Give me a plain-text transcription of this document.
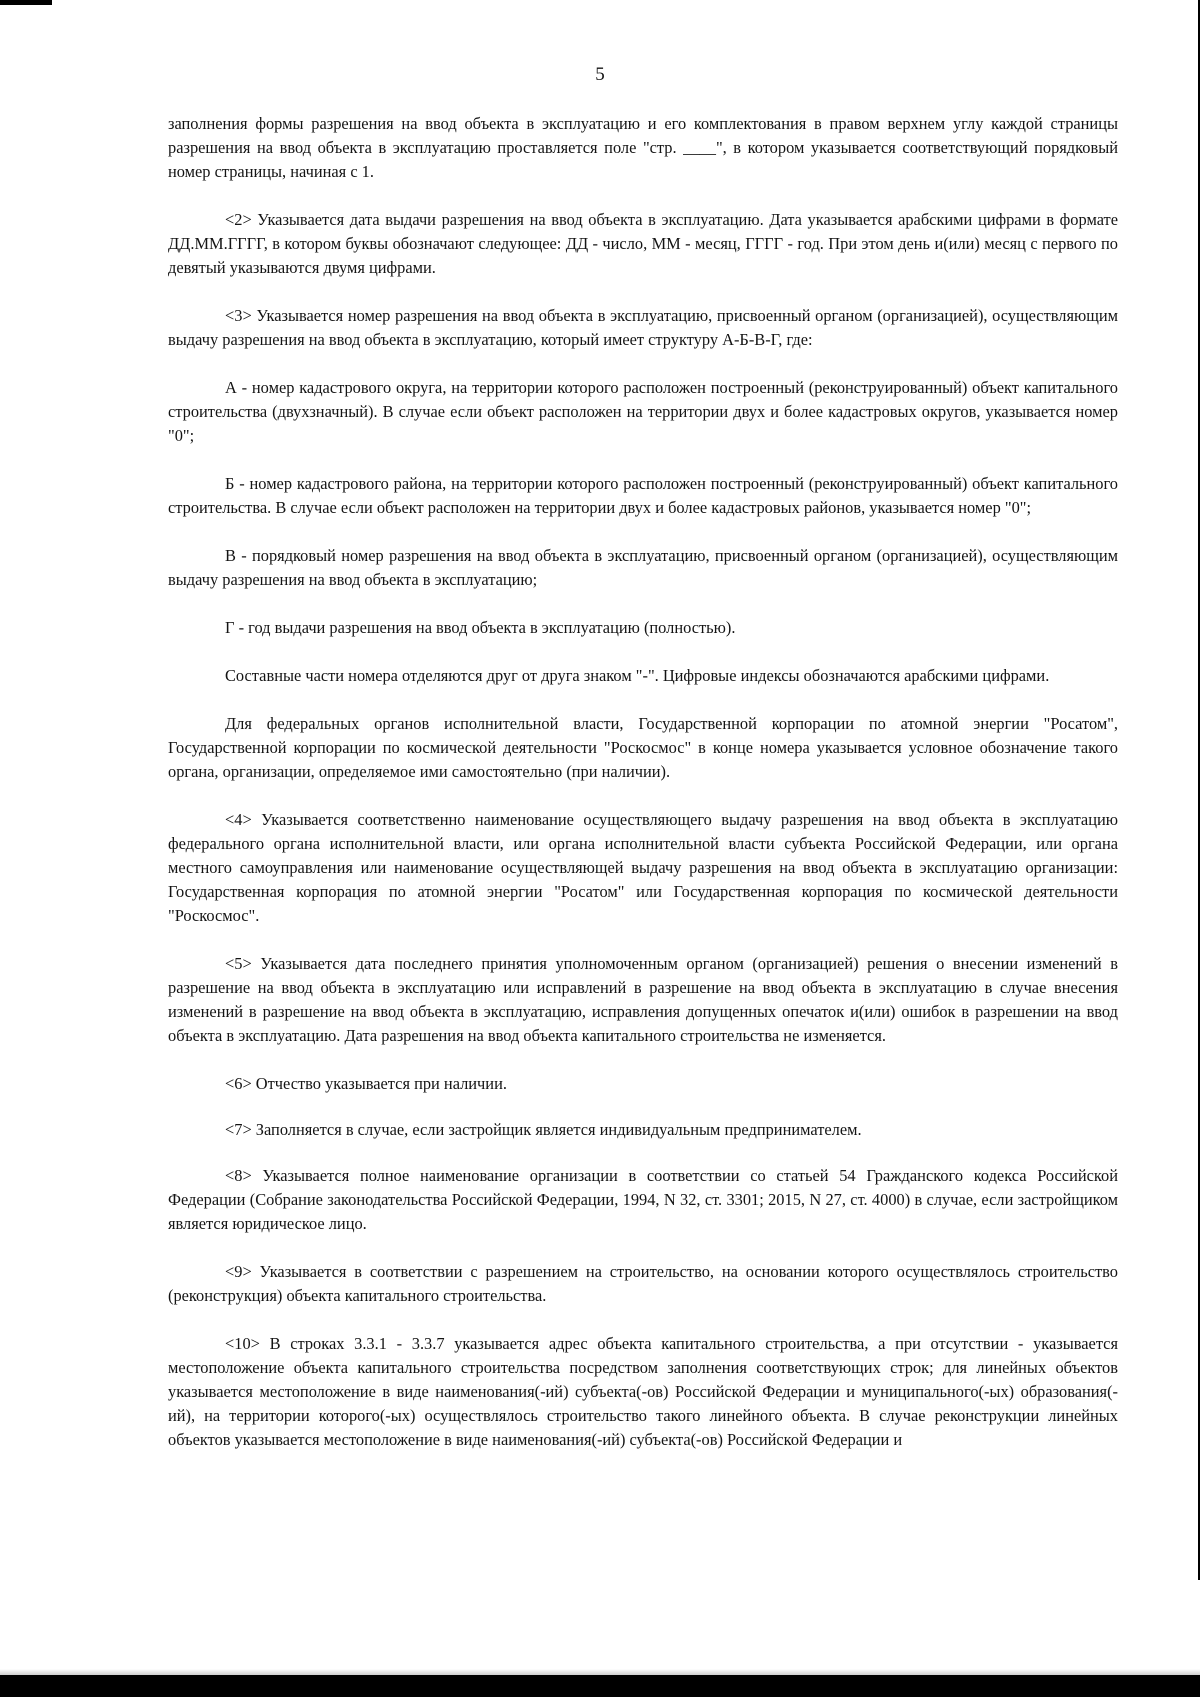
5

заполнения формы разрешения на ввод объекта в эксплуатацию и его комплектования в правом верхнем углу каждой страницы разрешения на ввод объекта в эксплуатацию проставляется поле "стр. ____", в котором указывается соответствующий порядковый номер страницы, начиная с 1.

<2> Указывается дата выдачи разрешения на ввод объекта в эксплуатацию. Дата указывается арабскими цифрами в формате ДД.ММ.ГГГГ, в котором буквы обозначают следующее: ДД - число, ММ - месяц, ГГГГ - год. При этом день и(или) месяц с первого по девятый указываются двумя цифрами.

<3> Указывается номер разрешения на ввод объекта в эксплуатацию, присвоенный органом (организацией), осуществляющим выдачу разрешения на ввод объекта в эксплуатацию, который имеет структуру А-Б-В-Г, где:

А - номер кадастрового округа, на территории которого расположен построенный (реконструированный) объект капитального строительства (двухзначный). В случае если объект расположен на территории двух и более кадастровых округов, указывается номер "0";

Б - номер кадастрового района, на территории которого расположен построенный (реконструированный) объект капитального строительства. В случае если объект расположен на территории двух и более кадастровых районов, указывается номер "0";

В - порядковый номер разрешения на ввод объекта в эксплуатацию, присвоенный органом (организацией), осуществляющим выдачу разрешения на ввод объекта в эксплуатацию;

Г - год выдачи разрешения на ввод объекта в эксплуатацию (полностью).

Составные части номера отделяются друг от друга знаком "-". Цифровые индексы обозначаются арабскими цифрами.

Для федеральных органов исполнительной власти, Государственной корпорации по атомной энергии "Росатом", Государственной корпорации по космической деятельности "Роскосмос" в конце номера указывается условное обозначение такого органа, организации, определяемое ими самостоятельно (при наличии).

<4> Указывается соответственно наименование осуществляющего выдачу разрешения на ввод объекта в эксплуатацию федерального органа исполнительной власти, или органа исполнительной власти субъекта Российской Федерации, или органа местного самоуправления или наименование осуществляющей выдачу разрешения на ввод объекта в эксплуатацию организации: Государственная корпорация по атомной энергии "Росатом" или Государственная корпорация по космической деятельности "Роскосмос".

<5> Указывается дата последнего принятия уполномоченным органом (организацией) решения о внесении изменений в разрешение на ввод объекта в эксплуатацию или исправлений в разрешение на ввод объекта в эксплуатацию в случае внесения изменений в разрешение на ввод объекта в эксплуатацию, исправления допущенных опечаток и(или) ошибок в разрешении на ввод объекта в эксплуатацию. Дата разрешения на ввод объекта капитального строительства не изменяется.

<6> Отчество указывается при наличии.

<7> Заполняется в случае, если застройщик является индивидуальным предпринимателем.

<8> Указывается полное наименование организации в соответствии со статьей 54 Гражданского кодекса Российской Федерации (Собрание законодательства Российской Федерации, 1994, N 32, ст. 3301; 2015, N 27, ст. 4000) в случае, если застройщиком является юридическое лицо.

<9> Указывается в соответствии с разрешением на строительство, на основании которого осуществлялось строительство (реконструкция) объекта капитального строительства.

<10> В строках 3.3.1 - 3.3.7 указывается адрес объекта капитального строительства, а при отсутствии - указывается местоположение объекта капитального строительства посредством заполнения соответствующих строк; для линейных объектов указывается местоположение в виде наименования(-ий) субъекта(-ов) Российской Федерации и муниципального(-ых) образования(-ий), на территории которого(-ых) осуществлялось строительство такого линейного объекта. В случае реконструкции линейных объектов указывается местоположение в виде наименования(-ий) субъекта(-ов) Российской Федерации и
